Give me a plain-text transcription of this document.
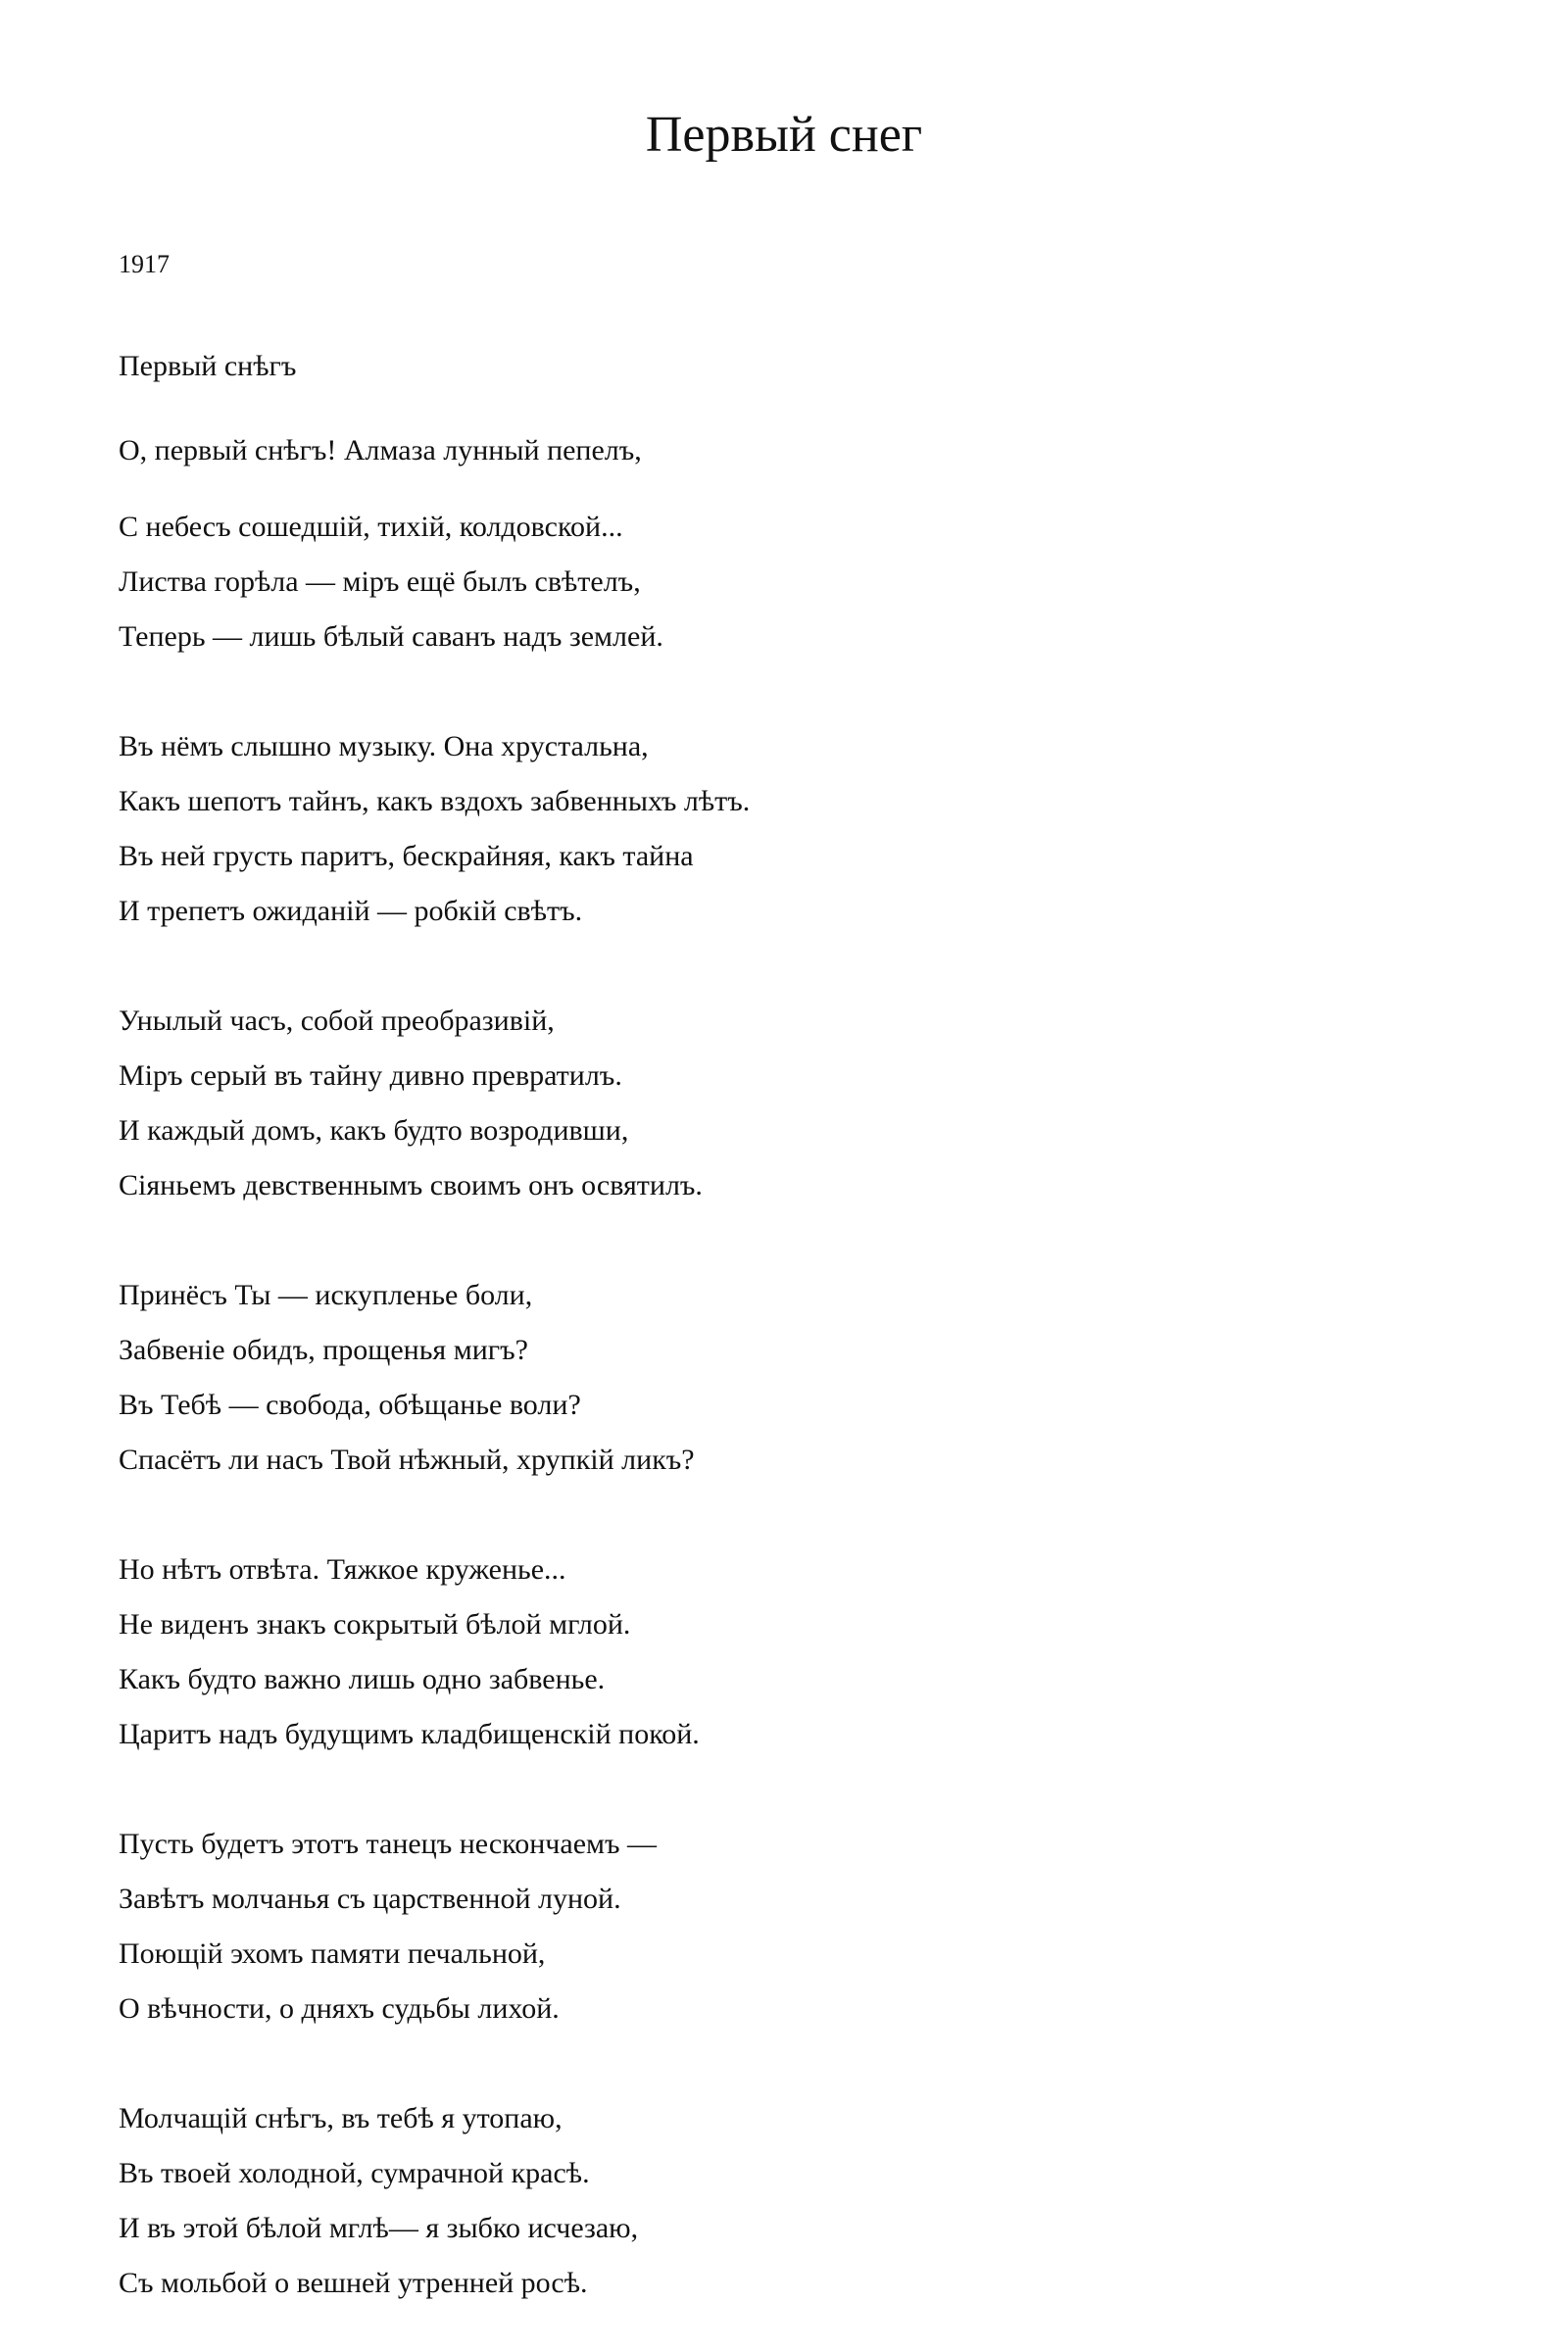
Первый снег

1917

Первый снѣгъ

О, первый снѣгъ! Алмаза лунный пепелъ,

С небесъ сошедшій, тихій, колдовской...

Листва горѣла — міръ ещё былъ свѣтелъ,

Теперь — лишь бѣлый саванъ надъ землей.

Въ нёмъ слышно музыку. Она хрустальна,

Какъ шепотъ тайнъ, какъ вздохъ забвенныхъ лѣтъ.

Въ ней грусть паритъ, бескрайняя, какъ тайна

И трепетъ ожиданій — робкій свѣтъ.

Унылый часъ, собой преобразивій,

Міръ серый въ тайну дивно превратилъ.

И каждый домъ, какъ будто возродивши,

Сіяньемъ девственнымъ своимъ онъ освятилъ.

Принёсъ Ты — искупленье боли,

Забвеніе обидъ, прощенья мигъ?

Въ Тебѣ — свобода, обѣщанье воли?

Спасётъ ли насъ Твой нѣжный, хрупкій ликъ?

Но нѣтъ отвѣта. Тяжкое круженье...

Не виденъ знакъ сокрытый бѣлой мглой.

Какъ будто важно лишь одно забвенье.

Царитъ надъ будущимъ кладбищенскій покой.

Пусть будетъ этотъ танецъ нескончаемъ —

Завѣтъ молчанья съ царственной луной.

Поющій эхомъ памяти печальной,

О вѣчности, о дняхъ судьбы лихой.

Молчащій снѣгъ, въ тебѣ я утопаю,

Въ твоей холодной, сумрачной красѣ.

И въ этой бѣлой мглѣ— я зыбко исчезаю,

Съ мольбой о вешней утренней росѣ.
